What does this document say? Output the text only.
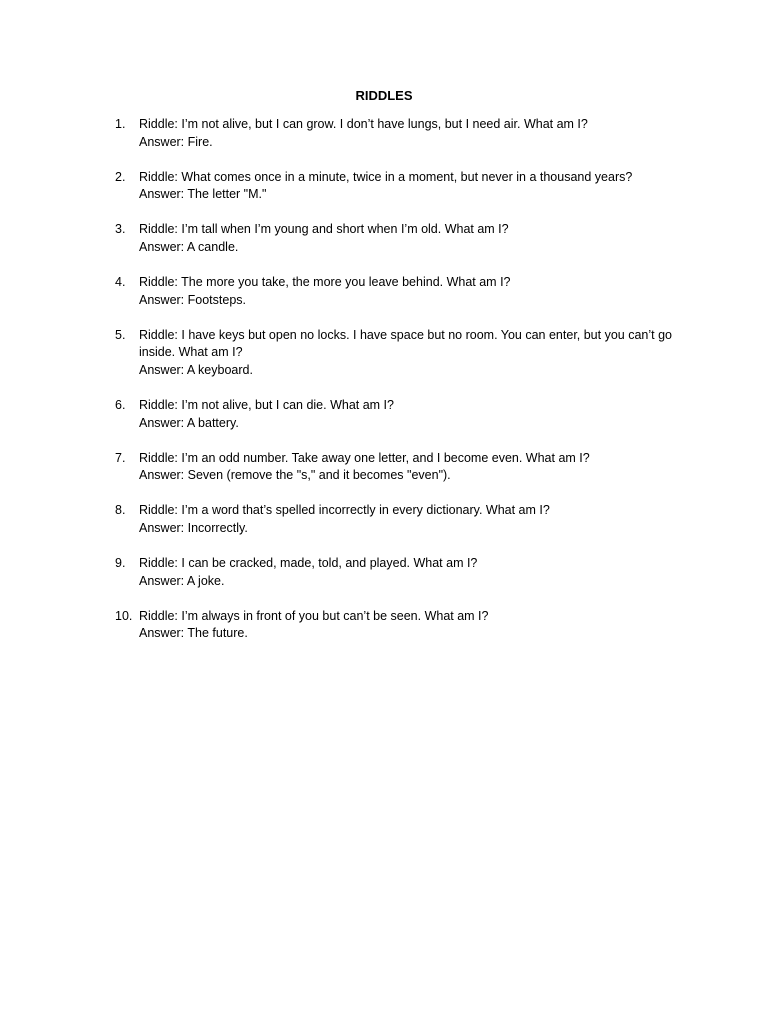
RIDDLES
1.	Riddle: I’m not alive, but I can grow. I don’t have lungs, but I need air. What am I?
Answer: Fire.
2.	Riddle: What comes once in a minute, twice in a moment, but never in a thousand years?
Answer: The letter "M."
3.	Riddle: I’m tall when I’m young and short when I’m old. What am I?
Answer: A candle.
4.	Riddle: The more you take, the more you leave behind. What am I?
Answer: Footsteps.
5.	Riddle: I have keys but open no locks. I have space but no room. You can enter, but you can’t go inside. What am I?
Answer: A keyboard.
6.	Riddle: I’m not alive, but I can die. What am I?
Answer: A battery.
7.	Riddle: I’m an odd number. Take away one letter, and I become even. What am I?
Answer: Seven (remove the "s," and it becomes "even").
8.	Riddle: I’m a word that’s spelled incorrectly in every dictionary. What am I?
Answer: Incorrectly.
9.	Riddle: I can be cracked, made, told, and played. What am I?
Answer: A joke.
10. Riddle: I’m always in front of you but can’t be seen. What am I?
Answer: The future.
